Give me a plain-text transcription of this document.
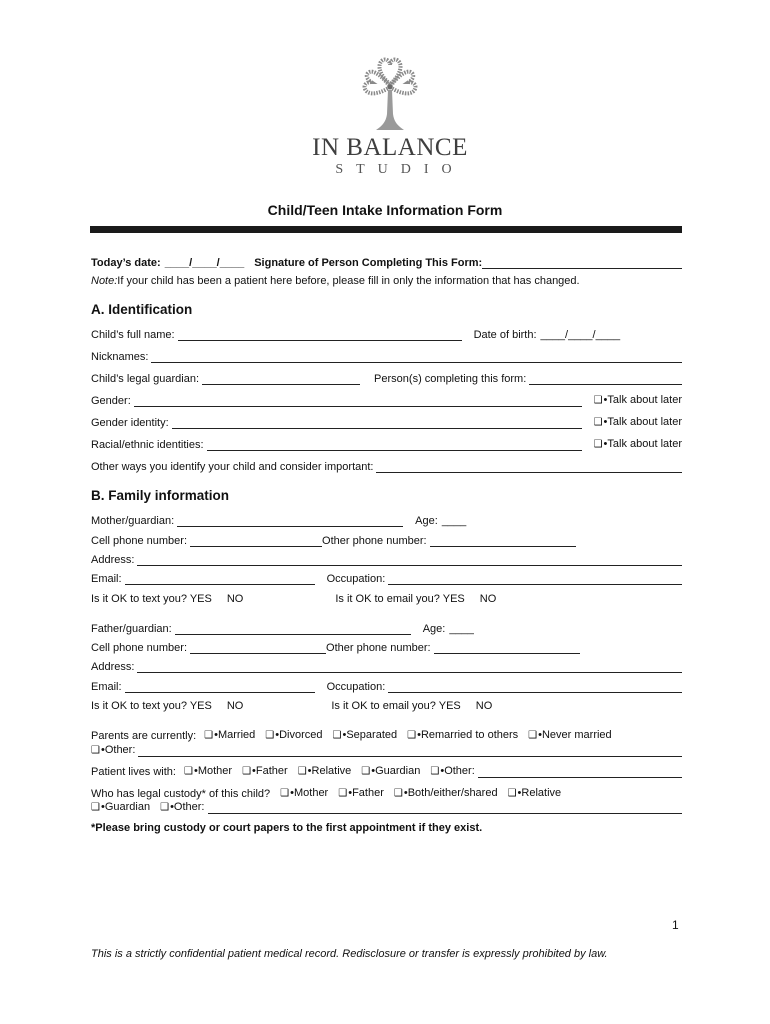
IN BALANCE
STUDIO
Child/Teen Intake Information Form
Today’s date: ____/____/____ Signature of Person Completing This Form:
Note: If your child has been a patient here before, please fill in only the information that has changed.
A. Identification
Child’s full name:	Date of birth: ____/____/____
Nicknames:
Child’s legal guardian:	Person(s) completing this form:
Gender:	❑•Talk about later
Gender identity:	❑•Talk about later
Racial/ethnic identities:	❑•Talk about later
Other ways you identify your child and consider important:
B. Family information
Mother/guardian:	Age: ____
Cell phone number:	Other phone number:
Address:
Email:	Occupation:
Is it OK to text you? YES NO	Is it OK to email you? YES NO
Father/guardian:	Age: ____
Cell phone number:	Other phone number:
Address:
Email:	Occupation:
Is it OK to text you? YES NO	Is it OK to email you? YES NO
Parents are currently: ❑•Married ❑•Divorced ❑•Separated ❑•Remarried to others ❑•Never married
❑•Other:
Patient lives with: ❑•Mother ❑•Father ❑•Relative ❑•Guardian ❑•Other:
Who has legal custody* of this child? ❑•Mother ❑•Father ❑•Both/either/shared ❑•Relative
❑•Guardian ❑•Other:
*Please bring custody or court papers to the first appointment if they exist.
1
This is a strictly confidential patient medical record. Redisclosure or transfer is expressly prohibited by law.
